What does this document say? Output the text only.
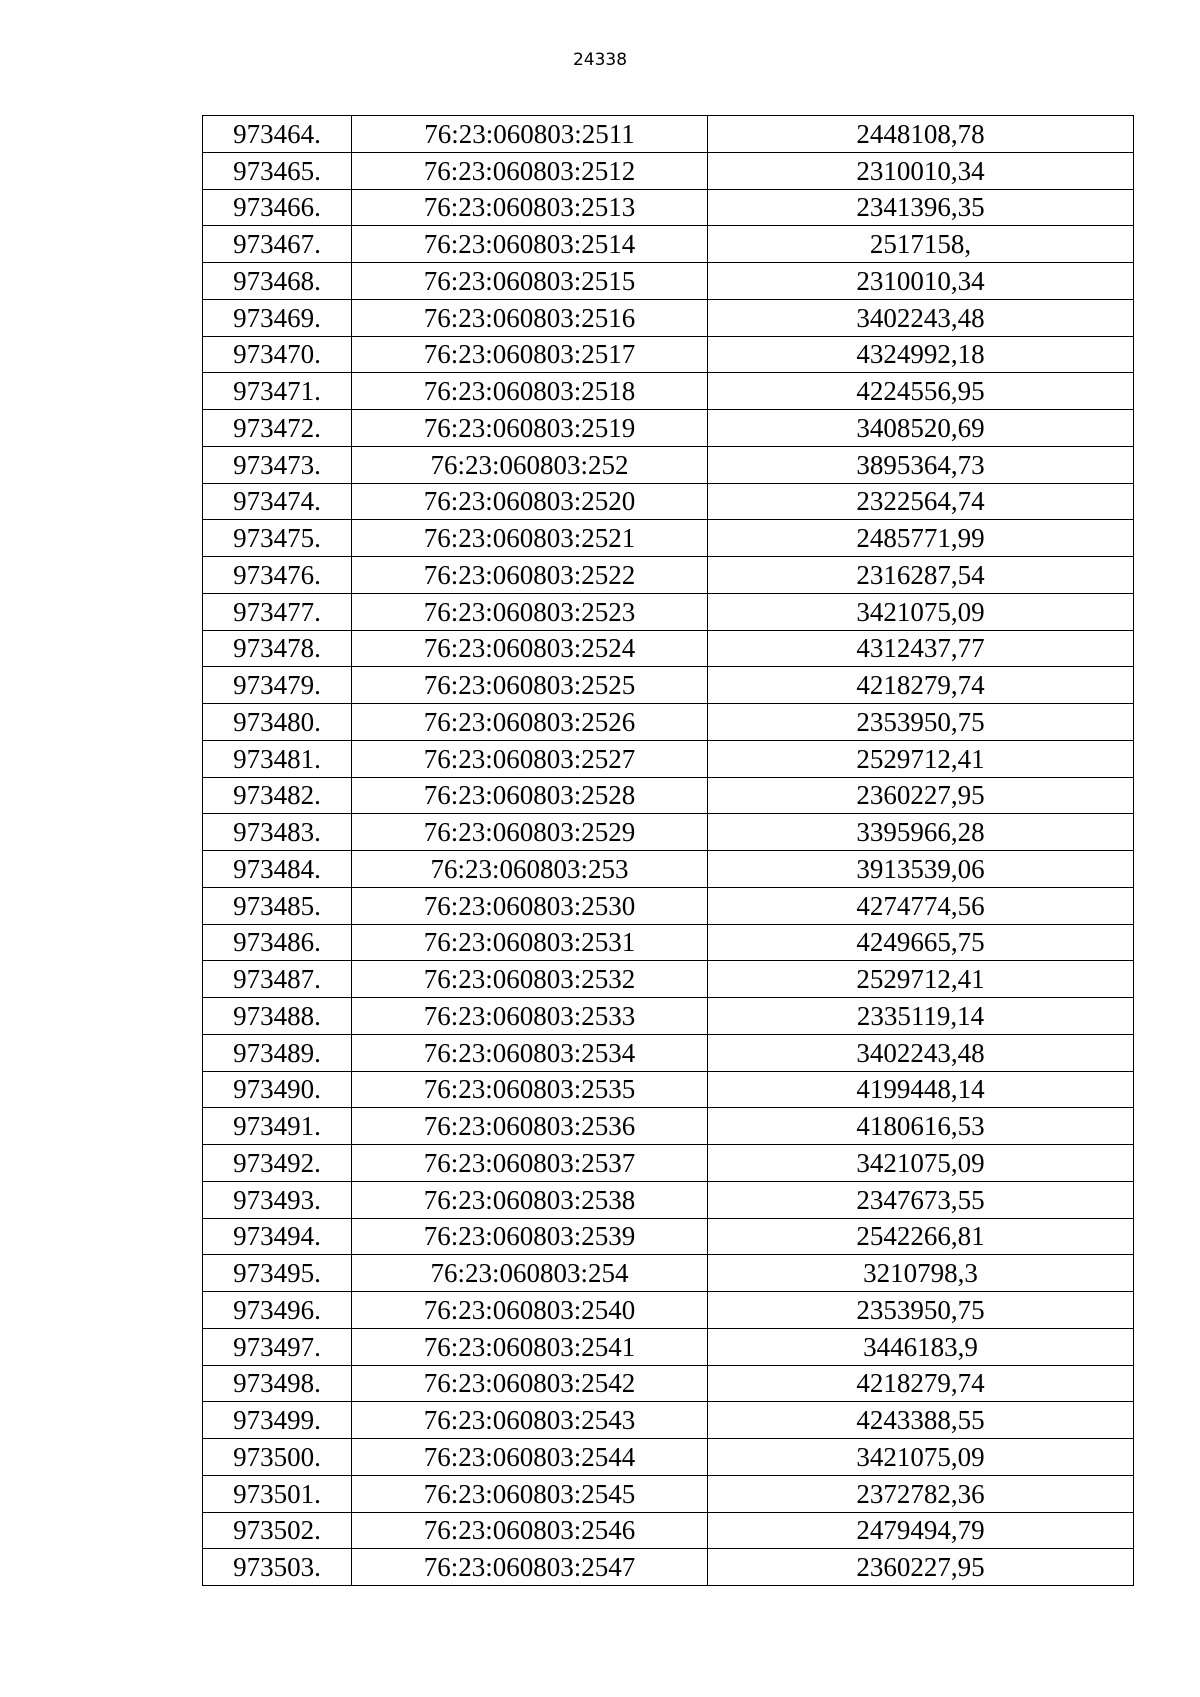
24338
973464.	76:23:060803:2511	2448108,78
973465.	76:23:060803:2512	2310010,34
973466.	76:23:060803:2513	2341396,35
973467.	76:23:060803:2514	2517158,
973468.	76:23:060803:2515	2310010,34
973469.	76:23:060803:2516	3402243,48
973470.	76:23:060803:2517	4324992,18
973471.	76:23:060803:2518	4224556,95
973472.	76:23:060803:2519	3408520,69
973473.	76:23:060803:252	3895364,73
973474.	76:23:060803:2520	2322564,74
973475.	76:23:060803:2521	2485771,99
973476.	76:23:060803:2522	2316287,54
973477.	76:23:060803:2523	3421075,09
973478.	76:23:060803:2524	4312437,77
973479.	76:23:060803:2525	4218279,74
973480.	76:23:060803:2526	2353950,75
973481.	76:23:060803:2527	2529712,41
973482.	76:23:060803:2528	2360227,95
973483.	76:23:060803:2529	3395966,28
973484.	76:23:060803:253	3913539,06
973485.	76:23:060803:2530	4274774,56
973486.	76:23:060803:2531	4249665,75
973487.	76:23:060803:2532	2529712,41
973488.	76:23:060803:2533	2335119,14
973489.	76:23:060803:2534	3402243,48
973490.	76:23:060803:2535	4199448,14
973491.	76:23:060803:2536	4180616,53
973492.	76:23:060803:2537	3421075,09
973493.	76:23:060803:2538	2347673,55
973494.	76:23:060803:2539	2542266,81
973495.	76:23:060803:254	3210798,3
973496.	76:23:060803:2540	2353950,75
973497.	76:23:060803:2541	3446183,9
973498.	76:23:060803:2542	4218279,74
973499.	76:23:060803:2543	4243388,55
973500.	76:23:060803:2544	3421075,09
973501.	76:23:060803:2545	2372782,36
973502.	76:23:060803:2546	2479494,79
973503.	76:23:060803:2547	2360227,95
